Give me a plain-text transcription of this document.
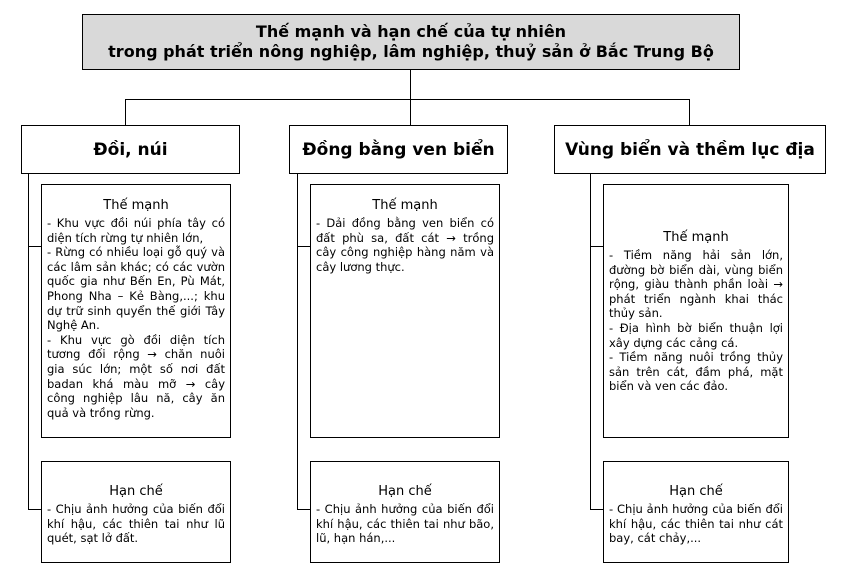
Thế mạnh và hạn chế của tự nhiên
trong phát triển nông nghiệp, lâm nghiệp, thuỷ sản ở Bắc Trung Bộ
Đồi, núi	Đồng bằng ven biển	Vùng biển và thềm lục địa
Thế mạnh
- Khu vực đồi núi phía tây có diện tích rừng tự nhiên lớn,
- Rừng có nhiều loại gỗ quý và các lâm sản khác; có các vườn quốc gia như Bến En, Pù Mát, Phong Nha – Kẻ Bàng,...; khu dự trữ sinh quyển thế giới Tây Nghệ An.
- Khu vực gò đồi diện tích tương đối rộng → chăn nuôi gia súc lớn; một số nơi đất badan khá màu mỡ → cây công nghiệp lâu nă, cây ăn quả và trồng rừng.
Hạn chế
- Chịu ảnh hưởng của biến đổi khí hậu, các thiên tai như lũ quét, sạt lở đất.
Thế mạnh
- Dải đồng bằng ven biển có đất phù sa, đất cát → trồng cây công nghiệp hàng năm và cây lương thực.
Hạn chế
- Chịu ảnh hưởng của biến đổi khí hậu, các thiên tai như bão, lũ, hạn hán,...
Thế mạnh
- Tiềm năng hải sản lớn, đường bờ biển dài, vùng biển rộng, giàu thành phần loài → phát triển ngành khai thác thủy sản.
- Địa hình bờ biển thuận lợi xây dựng các cảng cá.
- Tiềm năng nuôi trồng thủy sản trên cát, đầm phá, mặt biển và ven các đảo.
Hạn chế
- Chịu ảnh hưởng của biến đổi khí hậu, các thiên tai như cát bay, cát chảy,...
